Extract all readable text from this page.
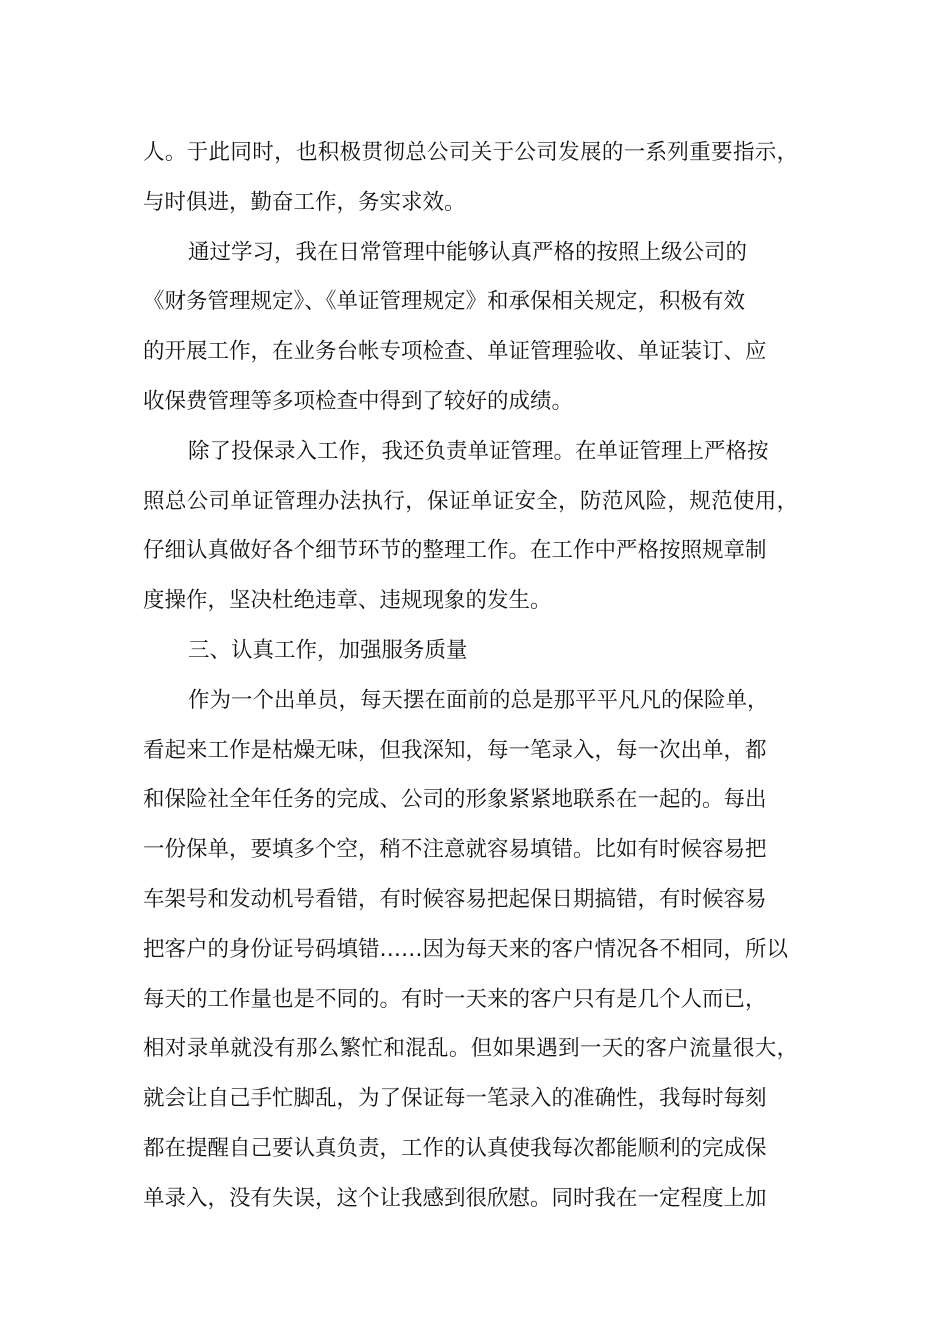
人。于此同时，也积极贯彻总公司关于公司发展的一系列重要指示，
与时俱进，勤奋工作，务实求效。
通过学习，我在日常管理中能够认真严格的按照上级公司的
《财务管理规定》、《单证管理规定》和承保相关规定，积极有效
的开展工作，在业务台帐专项检查、单证管理验收、单证装订、应
收保费管理等多项检查中得到了较好的成绩。
除了投保录入工作，我还负责单证管理。在单证管理上严格按
照总公司单证管理办法执行，保证单证安全，防范风险，规范使用，
仔细认真做好各个细节环节的整理工作。在工作中严格按照规章制
度操作，坚决杜绝违章、违规现象的发生。
三、认真工作，加强服务质量
作为一个出单员，每天摆在面前的总是那平平凡凡的保险单，
看起来工作是枯燥无味，但我深知，每一笔录入，每一次出单，都
和保险社全年任务的完成、公司的形象紧紧地联系在一起的。每出
一份保单，要填多个空，稍不注意就容易填错。比如有时候容易把
车架号和发动机号看错，有时候容易把起保日期搞错，有时候容易
把客户的身份证号码填错……因为每天来的客户情况各不相同，所以
每天的工作量也是不同的。有时一天来的客户只有是几个人而已，
相对录单就没有那么繁忙和混乱。但如果遇到一天的客户流量很大，
就会让自己手忙脚乱，为了保证每一笔录入的准确性，我每时每刻
都在提醒自己要认真负责，工作的认真使我每次都能顺利的完成保
单录入，没有失误，这个让我感到很欣慰。同时我在一定程度上加
